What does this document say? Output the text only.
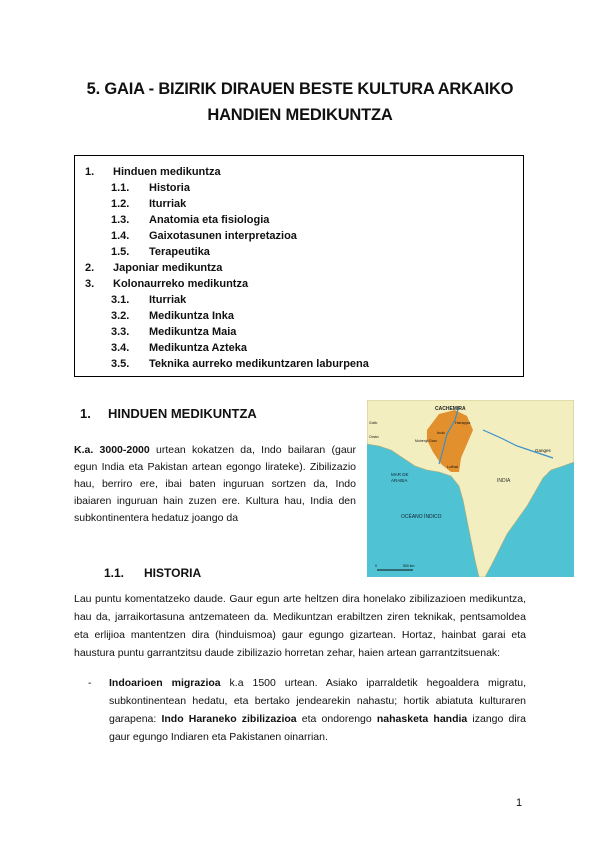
5. GAIA - BIZIRIK DIRAUEN BESTE KULTURA ARKAIKO
HANDIEN MEDIKUNTZA
1. Hinduen medikuntza
1.1. Historia
1.2. Iturriak
1.3. Anatomia eta fisiologia
1.4. Gaixotasunen interpretazioa
1.5. Terapeutika
2. Japoniar medikuntza
3. Kolonaurreko medikuntza
3.1. Iturriak
3.2. Medikuntza Inka
3.3. Medikuntza Maia
3.4. Medikuntza Azteka
3.5. Teknika aurreko medikuntzaren laburpena
1. HINDUEN MEDIKUNTZA
K.a. 3000-2000 urtean kokatzen da, Indo bailaran (gaur egun India eta Pakistan artean egongo lirateke). Zibilizazio hau, berriro ere, ibai baten inguruan sortzen da, Indo ibaiaren inguruan hain zuzen ere. Kultura hau, India den subkontinentera hedatuz joango da
CACHEMIRA
Harappa
Indo
Mohenjo Daro
Lothal
Ganges
INDIA
MAR DE
ARABIA
OCÉANO ÍNDICO
Golfo
Omán
0	500 km
1.1. HISTORIA
Lau puntu komentatzeko daude. Gaur egun arte heltzen dira honelako zibilizazioen medikuntza, hau da, jarraikortasuna antzemateen da. Medikuntzan erabiltzen ziren teknikak, pentsamoldea eta erlijioa mantentzen dira (hinduismoa) gaur egungo gizartean. Hortaz, hainbat garai eta haustura puntu garrantzitsu daude zibilizazio horretan zehar, haien artean garrantzitsuenak:
- Indoarioen migrazioa k.a 1500 urtean. Asiako iparraldetik hegoaldera migratu, subkontinentean hedatu, eta bertako jendearekin nahastu; hortik abiatuta kulturaren garapena: Indo Haraneko zibilizazioa eta ondorengo nahasketa handia izango dira gaur egungo Indiaren eta Pakistanen oinarrian.
1
